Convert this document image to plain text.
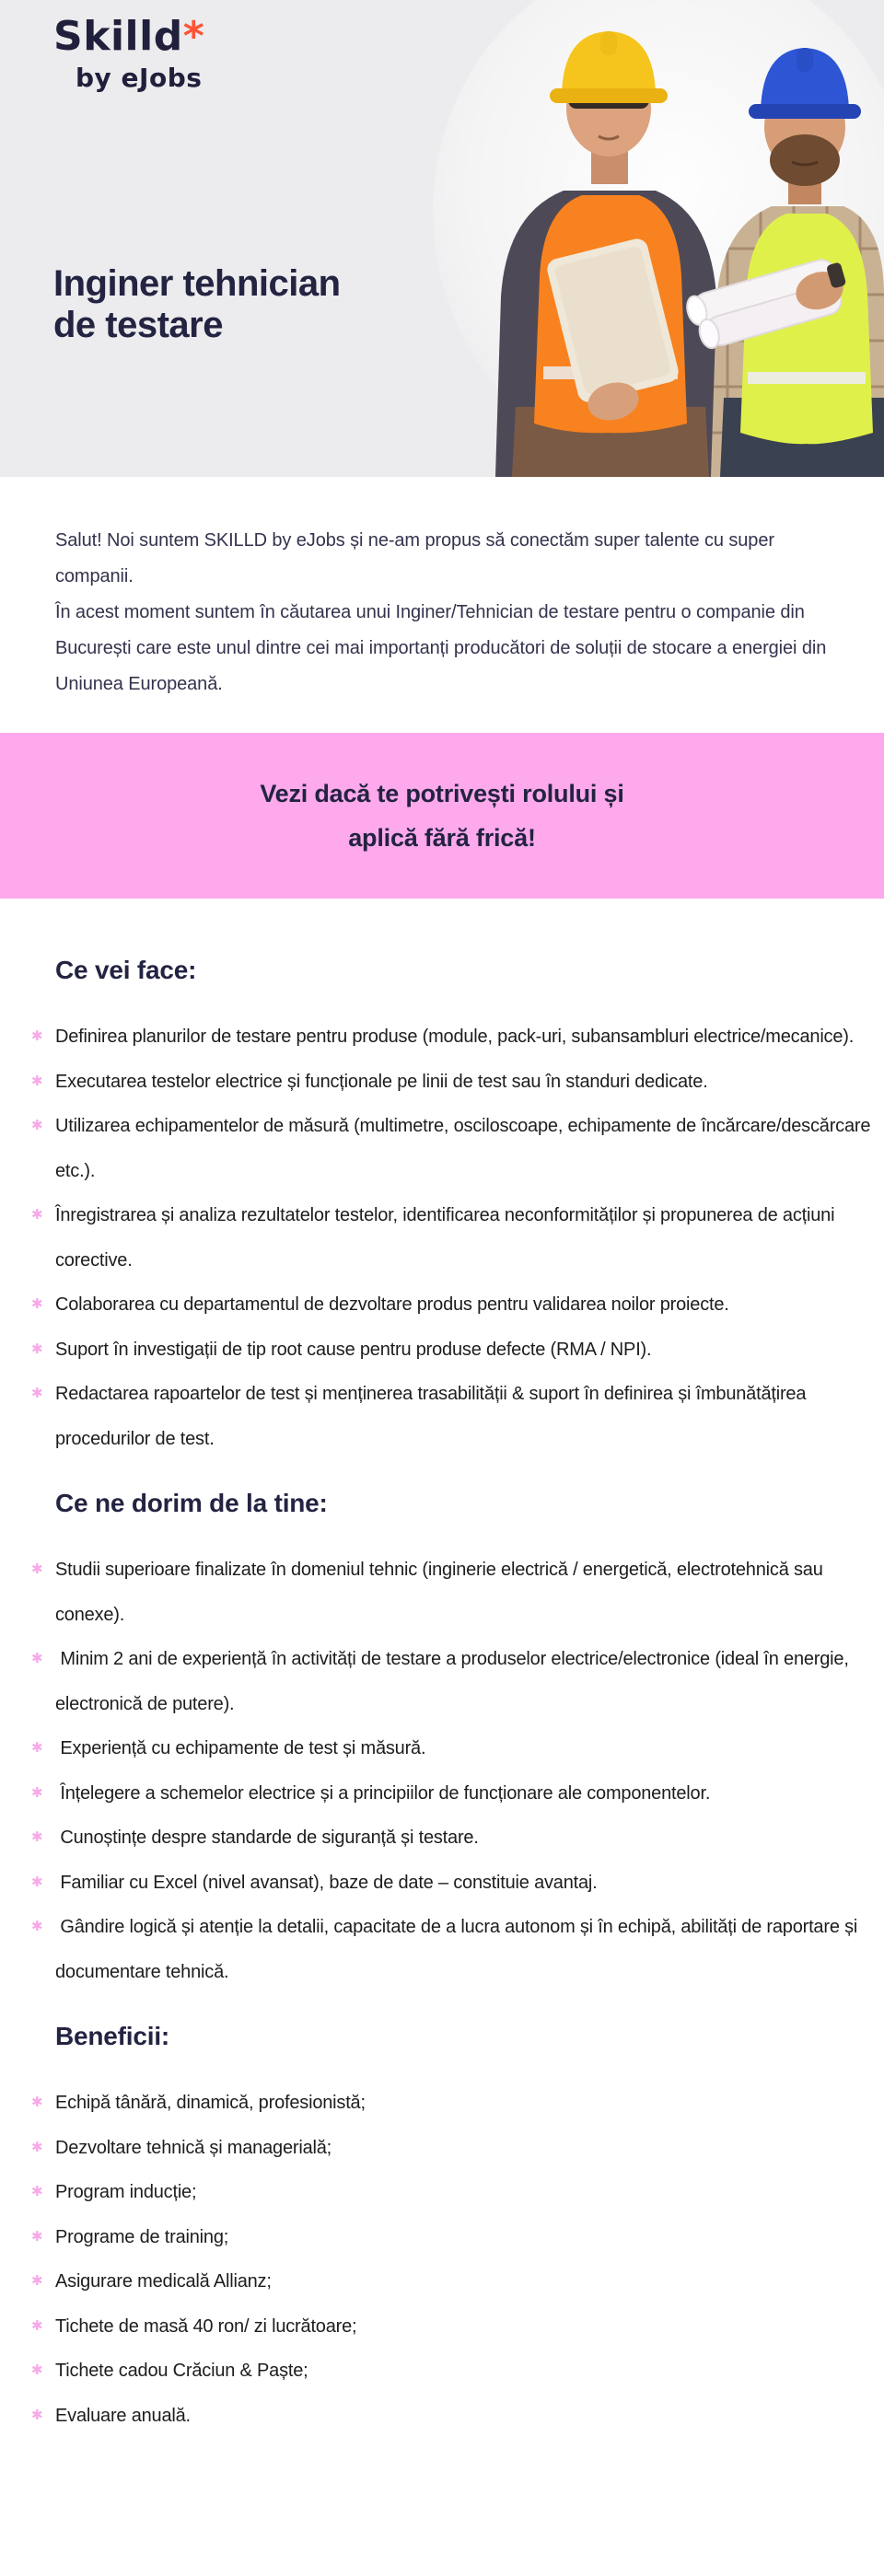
Skilld*
by eJobs
Inginer tehnician
de testare

Salut! Noi suntem SKILLD by eJobs și ne-am propus să conectăm super talente cu super companii.

În acest moment suntem în căutarea unui Inginer/Tehnician de testare pentru o companie din București care este unul dintre cei mai importanți producători de soluții de stocare a energiei din Uniunea Europeană.

Vezi dacă te potrivești rolului și
aplică fără frică!
Ce vei face:
✱ Definirea planurilor de testare pentru produse (module, pack-uri, subansambluri electrice/mecanice).
✱ Executarea testelor electrice și funcționale pe linii de test sau în standuri dedicate.
✱ Utilizarea echipamentelor de măsură (multimetre, osciloscoape, echipamente de încărcare/descărcare etc.).
✱ Înregistrarea și analiza rezultatelor testelor, identificarea neconformităților și propunerea de acțiuni corective.
✱ Colaborarea cu departamentul de dezvoltare produs pentru validarea noilor proiecte.
✱ Suport în investigații de tip root cause pentru produse defecte (RMA / NPI).
✱ Redactarea rapoartelor de test și menținerea trasabilității & suport în definirea și îmbunătățirea procedurilor de test.
Ce ne dorim de la tine:
✱ Studii superioare finalizate în domeniul tehnic (inginerie electrică / energetică, electrotehnică sau conexe).
✱ Minim 2 ani de experiență în activități de testare a produselor electrice/electronice (ideal în energie, electronică de putere).
✱ Experiență cu echipamente de test și măsură.
✱ Înțelegere a schemelor electrice și a principiilor de funcționare ale componentelor.
✱ Cunoștințe despre standarde de siguranță și testare.
✱ Familiar cu Excel (nivel avansat), baze de date – constituie avantaj.
✱ Gândire logică și atenție la detalii, capacitate de a lucra autonom și în echipă, abilități de raportare și documentare tehnică.
Beneficii:
✱ Echipă tânără, dinamică, profesionistă;
✱ Dezvoltare tehnică și managerială;
✱ Program inducție;
✱ Programe de training;
✱ Asigurare medicală Allianz;
✱ Tichete de masă 40 ron/ zi lucrătoare;
✱ Tichete cadou Crăciun & Paște;
✱ Evaluare anuală.
